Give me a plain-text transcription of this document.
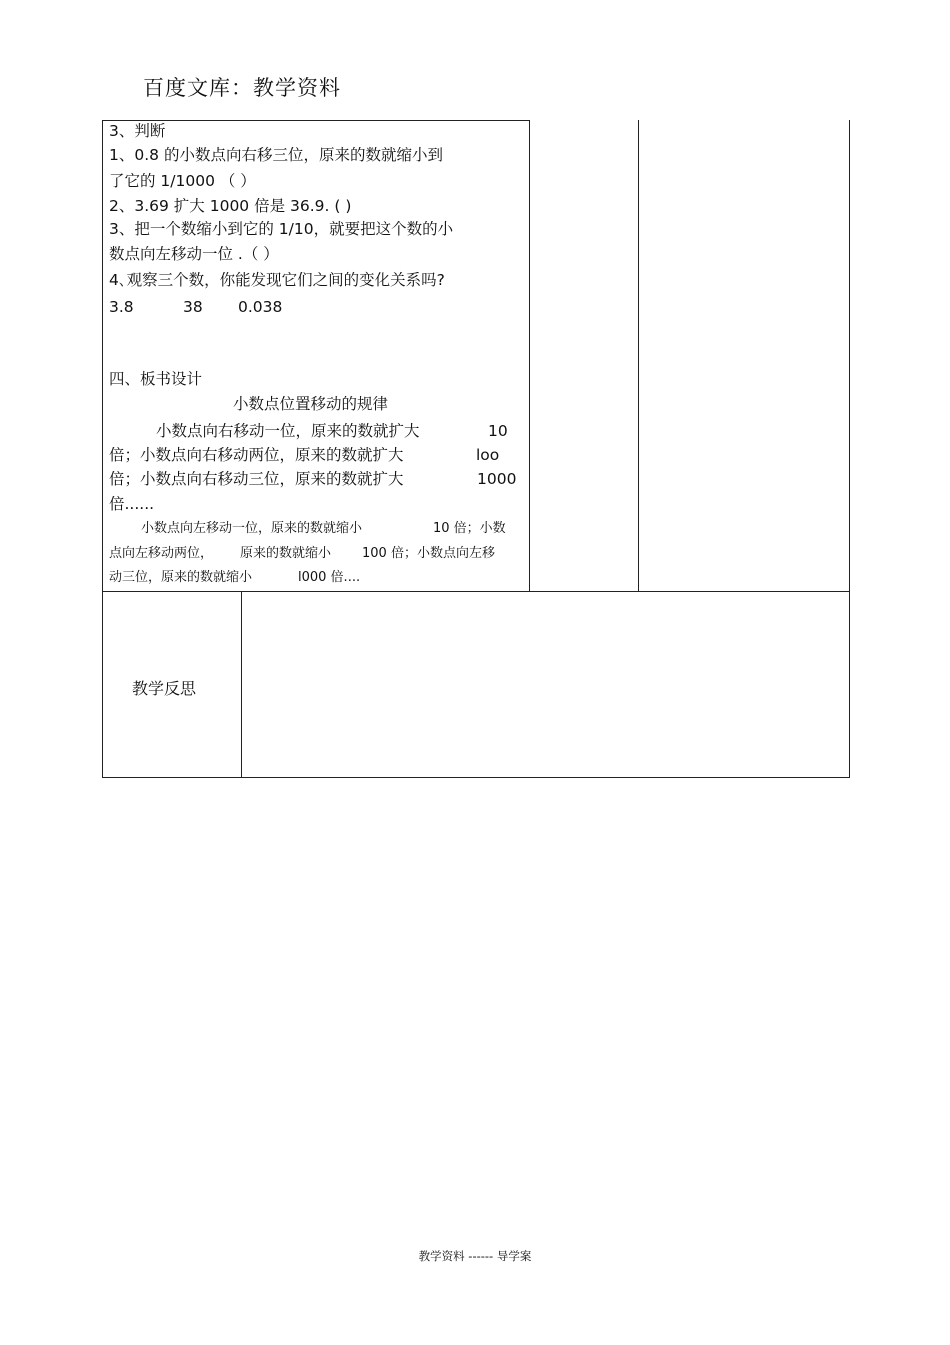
百度文库：教学资料
3、判断
1、0.8 的小数点向右移三位，原来的数就缩小到
了它的 1/1000 （ ）
2、3.69 扩大 1000 倍是 36.9. ( )
3、把一个数缩小到它的 1/10，就要把这个数的小
数点向左移动一位 .（ ）
4､观察三个数，你能发现它们之间的变化关系吗?
3.8	38 0.038
四、板书设计
小数点位置移动的规律
小数点向右移动一位，原来的数就扩大	10
倍；小数点向右移动两位，原来的数就扩大	loo
倍；小数点向右移动三位，原来的数就扩大	1000
倍......
小数点向左移动一位，原来的数就缩小	10 倍；小数
点向左移动两位， 原来的数就缩小 100 倍；小数点向左移
动三位，原来的数就缩小	l000 倍....
教学反思
教学资料 ------ 导学案
